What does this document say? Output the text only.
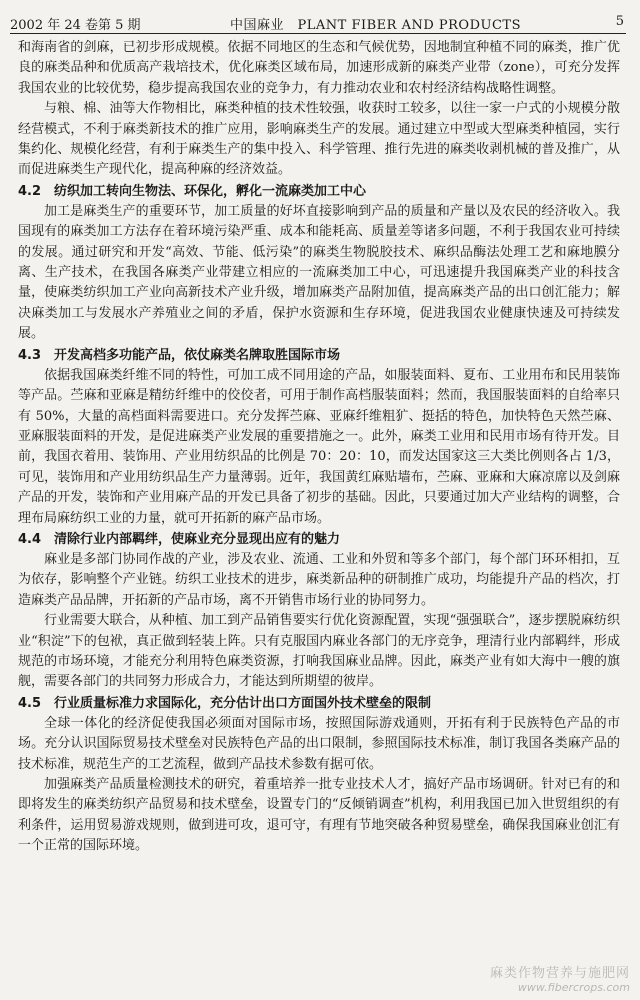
2002 年 24 卷第 5 期	中国麻业　PLANT FIBER AND PRODUCTS	5

和海南省的剑麻，已初步形成规模。依据不同地区的生态和气候优势，因地制宜种植不同的麻类，推广优良的麻类品种和优质高产栽培技术，优化麻类区域布局，加速形成新的麻类产业带（zone），可充分发挥我国农业的比较优势，稳步提高我国农业的竞争力，有力推动农业和农村经济结构战略性调整。

与粮、棉、油等大作物相比，麻类种植的技术性较强，收获时工较多，以往一家一户式的小规模分散经营模式，不利于麻类新技术的推广应用，影响麻类生产的发展。通过建立中型或大型麻类种植园，实行集约化、规模化经营，有利于麻类生产的集中投入、科学管理、推行先进的麻类收剥机械的普及推广，从而促进麻类生产现代化，提高种麻的经济效益。

4.2　纺织加工转向生物法、环保化，孵化一流麻类加工中心

加工是麻类生产的重要环节，加工质量的好坏直接影响到产品的质量和产量以及农民的经济收入。我国现有的麻类加工方法存在着环境污染严重、成本和能耗高、质量差等诸多问题，不利于我国农业可持续的发展。通过研究和开发“高效、节能、低污染”的麻类生物脱胶技术、麻织品酶法处理工艺和麻地膜分离、生产技术，在我国各麻类产业带建立相应的一流麻类加工中心，可迅速提升我国麻类产业的科技含量，使麻类纺织加工产业向高新技术产业升级，增加麻类产品附加值，提高麻类产品的出口创汇能力；解决麻类加工与发展水产养殖业之间的矛盾，保护水资源和生存环境，促进我国农业健康快速及可持续发展。

4.3　开发高档多功能产品，依仗麻类名牌取胜国际市场

依据我国麻类纤维不同的特性，可加工成不同用途的产品，如服装面料、夏布、工业用布和民用装饰等产品。苎麻和亚麻是精纺纤维中的佼佼者，可用于制作高档服装面料；然而，我国服装面料的自给率只有 50%，大量的高档面料需要进口。充分发挥苎麻、亚麻纤维粗犷、挺括的特色，加快特色天然苎麻、亚麻服装面料的开发，是促进麻类产业发展的重要措施之一。此外，麻类工业用和民用市场有待开发。目前，我国衣着用、装饰用、产业用纺织品的比例是 70：20：10，而发达国家这三大类比例则各占 1/3，可见，装饰用和产业用纺织品生产力量薄弱。近年，我国黄红麻贴墙布，苎麻、亚麻和大麻凉席以及剑麻产品的开发，装饰和产业用麻产品的开发已具备了初步的基础。因此，只要通过加大产业结构的调整，合理布局麻纺织工业的力量，就可开拓新的麻产品市场。

4.4　清除行业内部羁绊，使麻业充分显现出应有的魅力

麻业是多部门协同作战的产业，涉及农业、流通、工业和外贸和等多个部门，每个部门环环相扣，互为依存，影响整个产业链。纺织工业技术的进步，麻类新品种的研制推广成功，均能提升产品的档次，打造麻类产品品牌，开拓新的产品市场，离不开销售市场行业的协同努力。

行业需要大联合，从种植、加工到产品销售要实行优化资源配置，实现“强强联合”，逐步摆脱麻纺织业“积淀”下的包袱，真正做到轻装上阵。只有克服国内麻业各部门的无序竞争，理清行业内部羁绊，形成规范的市场环境，才能充分利用特色麻类资源，打响我国麻业品牌。因此，麻类产业有如大海中一艘的旗舰，需要各部门的共同努力形成合力，才能达到所期望的彼岸。

4.5　行业质量标准力求国际化，充分估计出口方面国外技术壁垒的限制

全球一体化的经济促使我国必须面对国际市场，按照国际游戏通则，开拓有利于民族特色产品的市场。充分认识国际贸易技术壁垒对民族特色产品的出口限制，参照国际技术标准，制订我国各类麻产品的技术标准，规范生产的工艺流程，做到产品技术参数有据可依。

加强麻类产品质量检测技术的研究，着重培养一批专业技术人才，搞好产品市场调研。针对已有的和即将发生的麻类纺织产品贸易和技术壁垒，设置专门的“反倾销调查”机构，利用我国已加入世贸组织的有利条件，运用贸易游戏规则，做到进可攻，退可守，有理有节地突破各种贸易壁垒，确保我国麻业创汇有一个正常的国际环境。

麻类作物营养与施肥网
www.fibercrops.com
